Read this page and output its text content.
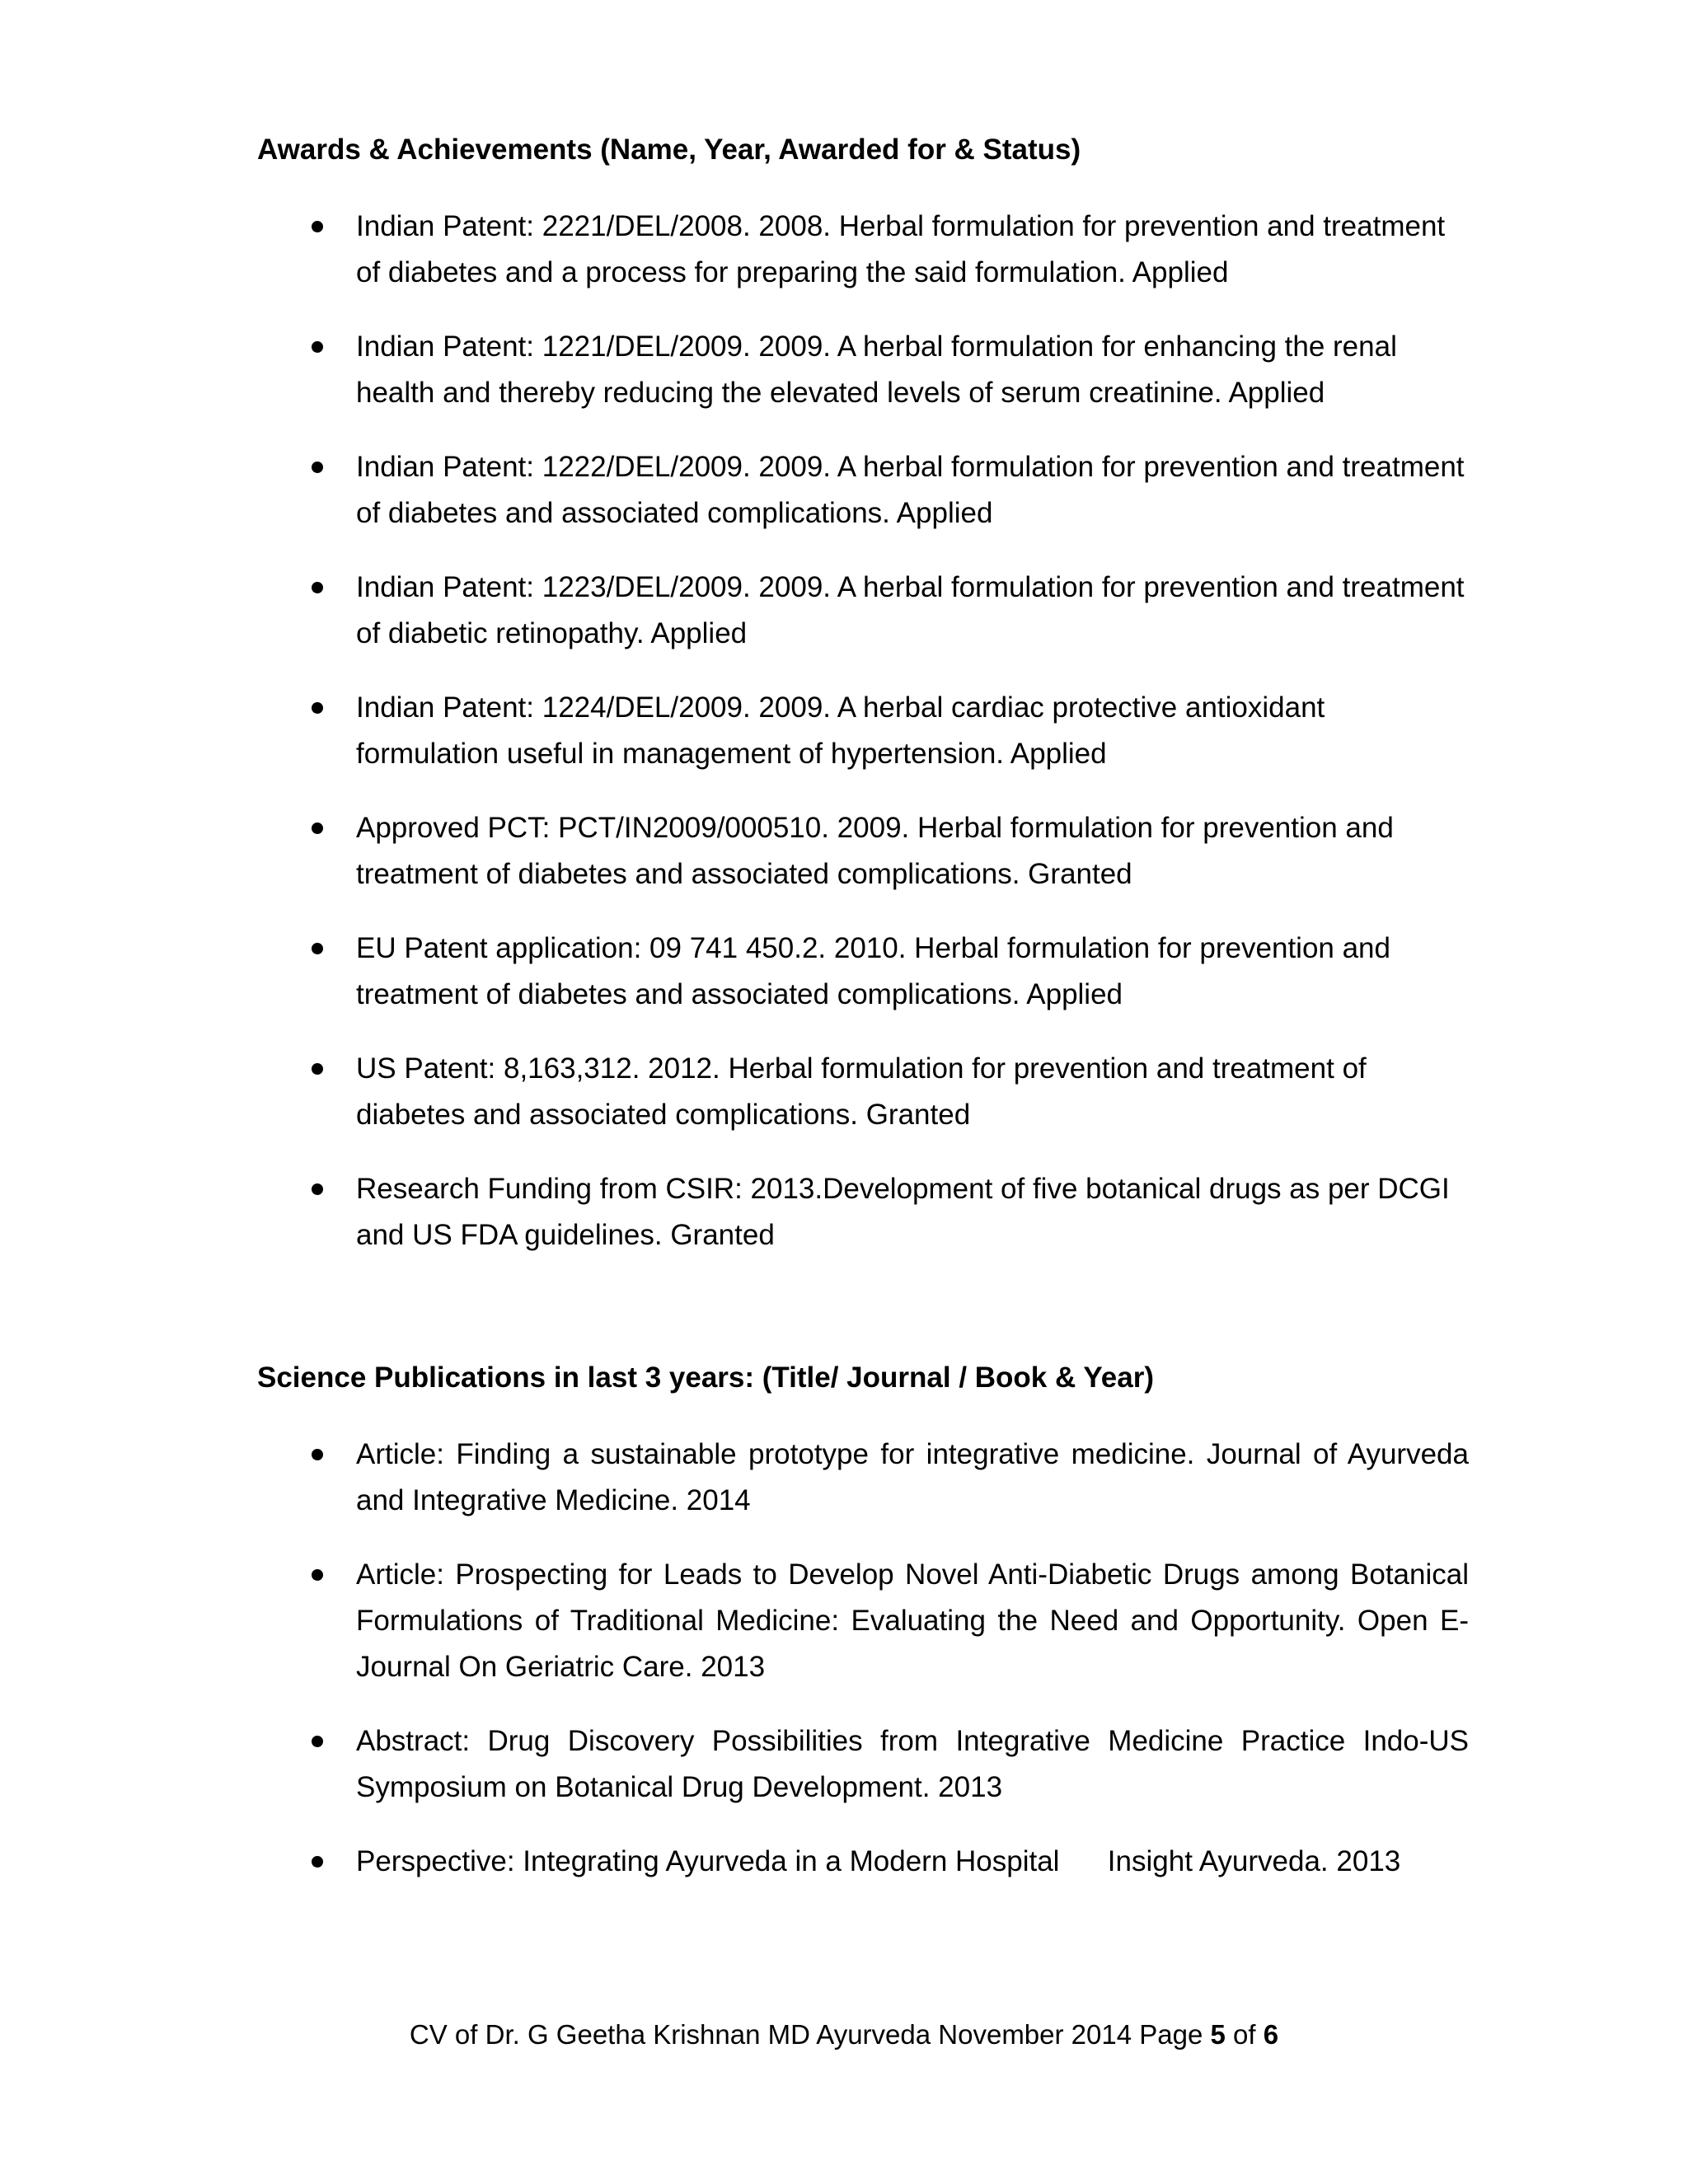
Awards & Achievements (Name, Year, Awarded for & Status)
Indian Patent: 2221/DEL/2008. 2008. Herbal formulation for prevention and treatment of diabetes and a process for preparing the said formulation. Applied
Indian Patent: 1221/DEL/2009. 2009. A herbal formulation for enhancing the renal health and thereby reducing the elevated levels of serum creatinine. Applied
Indian Patent: 1222/DEL/2009. 2009. A herbal formulation for prevention and treatment of diabetes and associated complications. Applied
Indian Patent: 1223/DEL/2009. 2009. A herbal formulation for prevention and treatment of diabetic retinopathy. Applied
Indian Patent: 1224/DEL/2009. 2009. A herbal cardiac protective antioxidant formulation useful in management of hypertension. Applied
Approved PCT: PCT/IN2009/000510. 2009. Herbal formulation for prevention and treatment of diabetes and associated complications. Granted
EU Patent application: 09 741 450.2. 2010. Herbal formulation for prevention and treatment of diabetes and associated complications. Applied
US Patent: 8,163,312. 2012. Herbal formulation for prevention and treatment of diabetes and associated complications. Granted
Research Funding from CSIR: 2013.Development of five botanical drugs as per DCGI and US FDA guidelines. Granted
Science Publications in last 3 years: (Title/ Journal / Book & Year)
Article: Finding a sustainable prototype for integrative medicine. Journal of Ayurveda and Integrative Medicine. 2014
Article: Prospecting for Leads to Develop Novel Anti-Diabetic Drugs among Botanical Formulations of Traditional Medicine: Evaluating the Need and Opportunity. Open E-Journal On Geriatric Care. 2013
Abstract: Drug Discovery Possibilities from Integrative Medicine Practice Indo-US Symposium on Botanical Drug Development. 2013
Perspective: Integrating Ayurveda in a Modern Hospital      Insight Ayurveda. 2013
CV of Dr. G Geetha Krishnan MD Ayurveda November 2014 Page 5 of 6
